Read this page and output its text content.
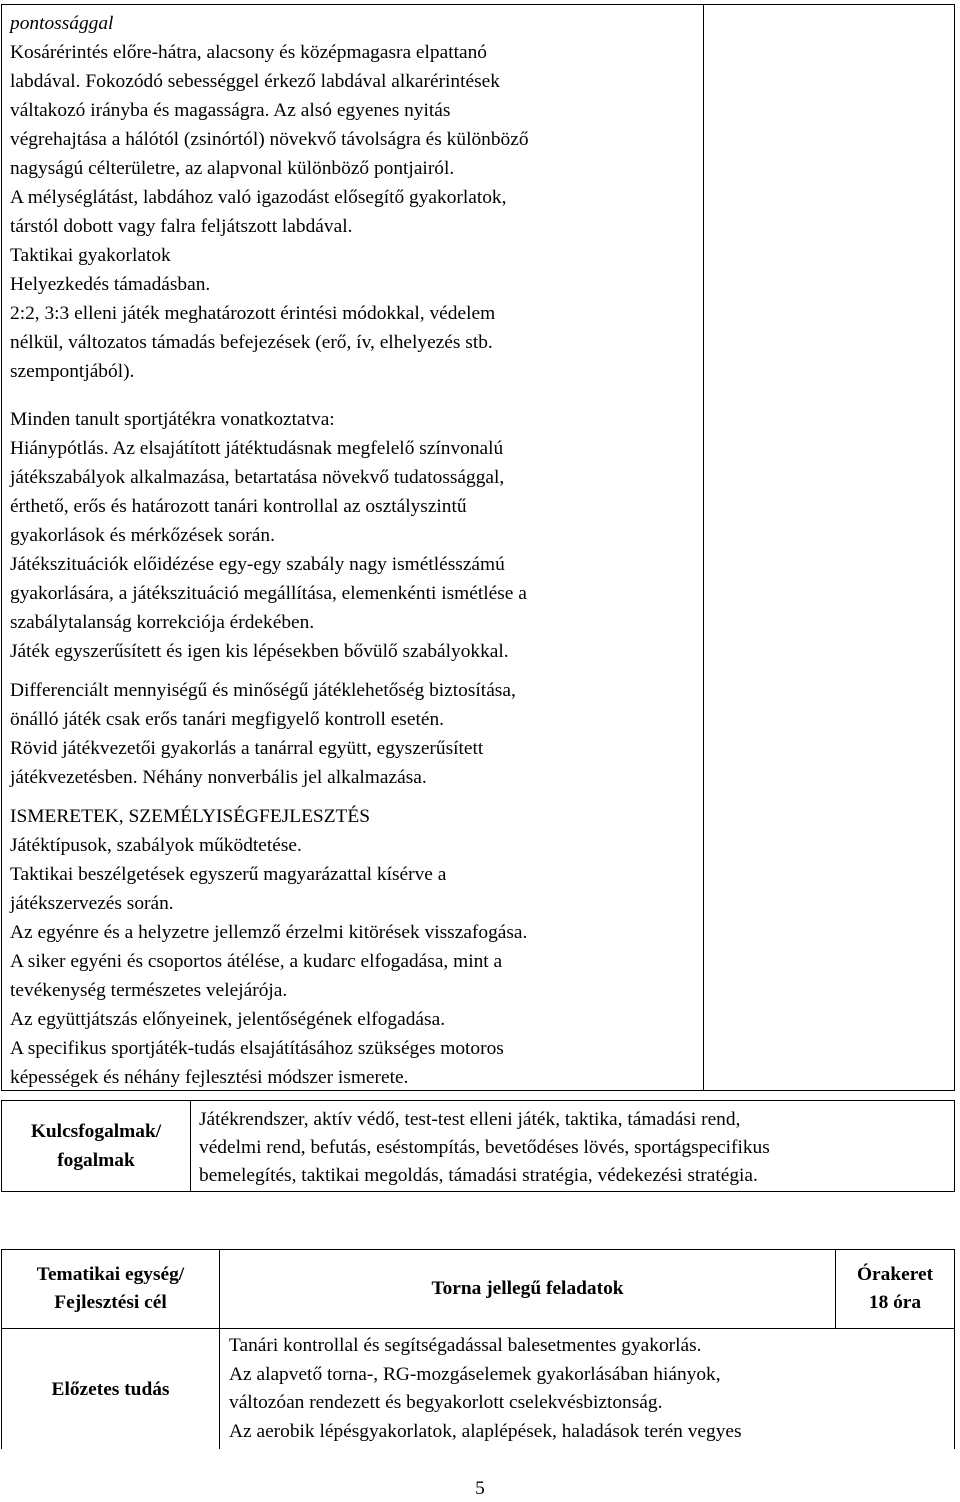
pontossággal
Kosárérintés előre-hátra, alacsony és középmagasra elpattanó
labdával. Fokozódó sebességgel érkező labdával alkarérintések
váltakozó irányba és magasságra. Az alsó egyenes nyitás
végrehajtása a hálótól (zsinórtól) növekvő távolságra és különböző
nagyságú célterületre, az alapvonal különböző pontjairól.
A mélységlátást, labdához való igazodást elősegítő gyakorlatok,
társtól dobott vagy falra feljátszott labdával.
Taktikai gyakorlatok
Helyezkedés támadásban.
2:2, 3:3 elleni játék meghatározott érintési módokkal, védelem
nélkül, változatos támadás befejezések (erő, ív, elhelyezés stb.
szempontjából).
Minden tanult sportjátékra vonatkoztatva:
Hiánypótlás. Az elsajátított játéktudásnak megfelelő színvonalú
játékszabályok alkalmazása, betartatása növekvő tudatossággal,
érthető, erős és határozott tanári kontrollal az osztályszintű
gyakorlások és mérkőzések során.
Játékszituációk előidézése egy-egy szabály nagy ismétlésszámú
gyakorlására, a játékszituáció megállítása, elemenkénti ismétlése a
szabálytalanság korrekciója érdekében.
Játék egyszerűsített és igen kis lépésekben bővülő szabályokkal.
Differenciált mennyiségű és minőségű játéklehetőség biztosítása,
önálló játék csak erős tanári megfigyelő kontroll esetén.
Rövid játékvezetői gyakorlás a tanárral együtt, egyszerűsített
játékvezetésben. Néhány nonverbális jel alkalmazása.
ISMERETEK, SZEMÉLYISÉGFEJLESZTÉS
Játéktípusok, szabályok működtetése.
Taktikai beszélgetések egyszerű magyarázattal kísérve a
játékszervezés során.
Az egyénre és a helyzetre jellemző érzelmi kitörések visszafogása.
A siker egyéni és csoportos átélése, a kudarc elfogadása, mint a
tevékenység természetes velejárója.
Az együttjátszás előnyeinek, jelentőségének elfogadása.
A specifikus sportjáték-tudás elsajátításához szükséges motoros
képességek és néhány fejlesztési módszer ismerete.
Kulcsfogalmak/
fogalmak
Játékrendszer, aktív védő, test-test elleni játék, taktika, támadási rend,
védelmi rend, befutás, eséstompítás, bevetődéses lövés, sportágspecifikus
bemelegítés, taktikai megoldás, támadási stratégia, védekezési stratégia.
Tematikai egység/
Fejlesztési cél
Torna jellegű feladatok
Órakeret
18 óra
Előzetes tudás
Tanári kontrollal és segítségadással balesetmentes gyakorlás.
Az alapvető torna-, RG-mozgáselemek gyakorlásában hiányok,
változóan rendezett és begyakorlott cselekvésbiztonság.
Az aerobik lépésgyakorlatok, alaplépések, haladások terén vegyes
5
